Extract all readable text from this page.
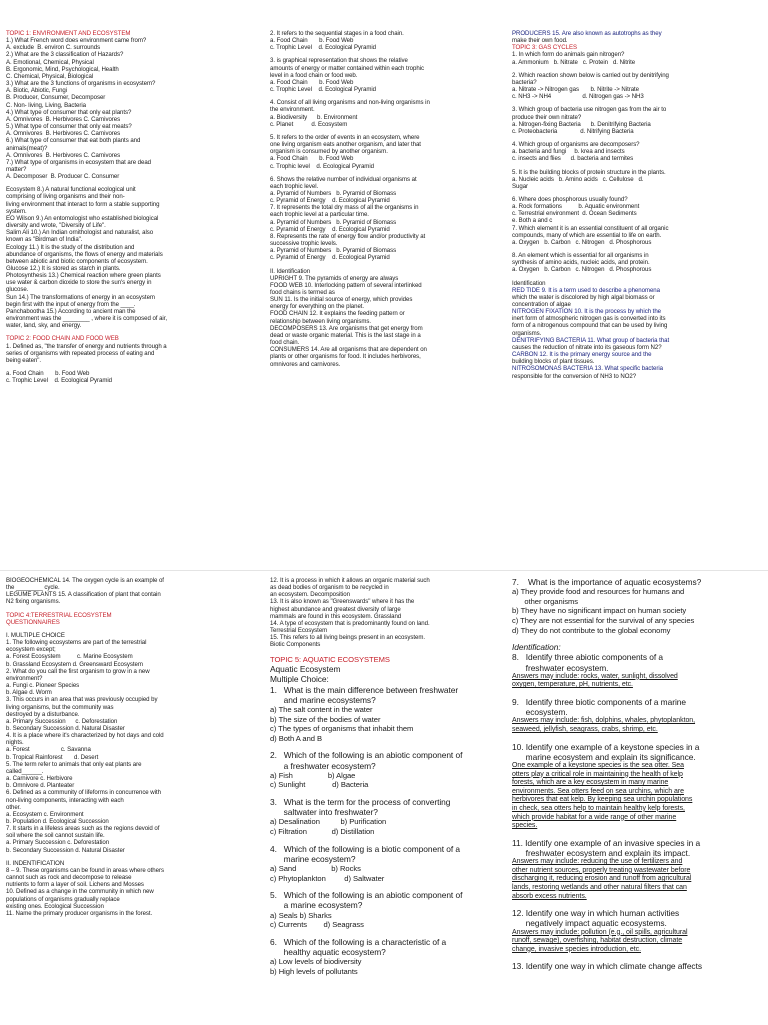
TOPIC 1: ENVIRONMENT AND ECOSYSTEM
1.) What French word does environment came from?
A. exclude  B. environ C. surrounds
2.) What are the 3 classification of Hazards?
A. Emotional, Chemical, Physical
B. Ergonomic, Mind, Psychological, Health
C. Chemical, Physical, Biological
3.) What are the 3 functions of organisms in ecosystem?
A. Biotic, Abiotic, Fungi
B. Producer, Consumer, Decomposer
C. Non- living, Living, Bacteria
4.) What type of consumer that only eat plants?
A. Omnivores  B. Herbivores C. Carnivores
5.) What type of consumer that only eat meats?
A. Omnivores  B. Herbivores C. Carnivores
6.) What type of consumer that eat both plants and
animals(meat)?
A. Omnivores  B. Herbivores C. Carnivores
7.) What type of organisms in ecosystem that are dead
matter?
A. Decomposer  B. Producer C. Consumer
Ecosystem 8.) A natural functional ecological unit
comprising of living organisms and their non-
living environment that interact to form a stable supporting
system.
EO Wilson 9.) An entomologist who established biological
diversity and wrote, "Diversity of Life".
Salim Ali 10.) An Indian ornithologist and naturalist, also
known as "Birdman of India".
Ecology 11.) It is the study of the distribution and
abundance of organisms, the flows of energy and materials
between abiotic and biotic components of ecosystem.
Glucose 12.) It is stored as starch in plants.
Photosynthesis 13.) Chemical reaction where green plants
use water & carbon dioxide to store the sun's energy in
glucose.
Sun 14.) The transformations of energy in an ecosystem
begin first with the input of energy from the ____.
Panchabootha 15.) According to ancient man the
environment was the ________ , where it is composed of air,
water, land, sky, and energy.
TOPIC 2: FOOD CHAIN AND FOOD WEB
1. Defined as, "the transfer of energy and nutrients through a
series of organisms with repeated process of eating and
being eaten".
a. Food Chain       b. Food Web
c. Trophic Level    d. Ecological Pyramid
2. It refers to the sequential stages in a food chain.
a. Food Chain       b. Food Web
c. Trophic Level    d. Ecological Pyramid
3. is graphical representation that shows the relative
amounts of energy or matter contained within each trophic
level in a food chain or food web.
a. Food Chain       b. Food Web
c. Trophic Level    d. Ecological Pyramid
4. Consist of all living organisms and non-living organisms in
the environment.
a. Biodiversity      b. Environment
c. Planet           d. Ecosystem
5. It refers to the order of events in an ecosystem, where
one living organism eats another organism, and later that
organism is consumed by another organism.
a. Food Chain       b. Food Web
c. Trophic level    d. Ecological Pyramid
6. Shows the relative number of individual organisms at
each trophic level.
a. Pyramid of Numbers   b. Pyramid of Biomass
c. Pyramid of Energy    d. Ecological Pyramid
7. It represents the total dry mass of all the organisms in
each trophic level at a particular time.
a. Pyramid of Numbers   b. Pyramid of Biomass
c. Pyramid of Energy    d. Ecological Pyramid
8. Represents the rate of energy flow and/or productivity at
successive trophic levels.
a. Pyramid of Numbers   b. Pyramid of Biomass
c. Pyramid of Energy    d. Ecological Pyramid
II. Identification
UPRIGHT 9. The pyramids of energy are always
FOOD WEB 10. Interlocking pattern of several interlinked
food chains is termed as
SUN 11. Is the initial source of energy, which provides
energy for everything on the planet.
FOOD CHAIN 12. It explains the feeding pattern or
relationship between living organisms.
DECOMPOSERS 13. Are organisms that get energy from
dead or waste organic material. This is the last stage in a
food chain.
CONSUMERS 14. Are all organisms that are dependent on
plants or other organisms for food. It includes herbivores,
omnivores and carnivores.
PRODUCERS 15. Are also known as autotrophs as they
make their own food.
TOPIC 3: GAS CYCLES
1. In which form do animals gain nitrogen?
a. Ammonium   b. Nitrate   c. Protein   d. Nitrite
2. Which reaction shown below is carried out by denitrifying
bacteria?
a. Nitrate -> Nitrogen gas       b. Nitrite -> Nitrate
c. NH3 -> NH4                   d. Nitrogen gas -> NH3
3. Which group of bacteria use nitrogen gas from the air to
produce their own nitrate?
a. Nitrogen-fixing Bacteria      b. Denitrifying Bacteria
c. Proteobacteria              d. Nitrifying Bacteria
4. Which group of organisms are decomposers?
a. bacteria and fungi     b. krea and insects
c. insects and flies      d. bacteria and termites
5. It is the building blocks of protein structure in the plants.
a. Nucleic acids   b. Amino acids   c. Cellulose   d.
Sugar
6. Where does phosphorous usually found?
a. Rock formations          b. Aquatic environment
c. Terrestrial environment  d. Ocean Sediments
e. Both a and c
7. Which element it is an essential constituent of all organic
compounds, many of which are essential to life on earth.
a. Oxygen   b. Carbon   c. Nitrogen   d. Phosphorous
8. An element which is essential for all organisms in
synthesis of amino acids, nucleic acids, and protein.
a. Oxygen   b. Carbon   c. Nitrogen   d. Phosphorous
Identification
RED TIDE 9. It is a term used to describe a phenomena
which the water is discolored by high algal biomass or
concentration of algae
NITROGEN FIXATION 10. It is the process by which the
inert form of atmospheric nitrogen gas is converted into its
form of a nitrogenous compound that can be used by living
organisms.
DENITRIFYING BACTERIA 11. What group of bacteria that
causes the reduction of nitrate into its gaseous form N2?
CARBON 12. It is the primary energy source and the
building blocks of plant tissues.
NITROSOMONAS BACTERIA 13. What specific bacteria
responsible for the conversion of NH3 to NO2?
BIOGEOCHEMICAL 14. The oxygen cycle is an example of
the ________ cycle.
LEGUME PLANTS 15. A classification of plant that contain
N2 fixing organisms.
TOPIC 4:TERRESTRIAL ECOSYSTEM
QUESTIONNAIRES
I. MULTIPLE CHOICE
1. The following ecosystems are part of the terrestrial
ecosystem except;
a. Forest Ecosystem          c. Marine Ecosystem
b. Grassland Ecosystem d. Greensward Ecosystem
2. What do you call the first organism to grow in a new
environment?
a. Fungi c. Pioneer Species
b. Algae d. Worm
3. This occurs in an area that was previously occupied by
living organisms, but the community was
destroyed by a disturbance.
a. Primary Succession      c. Deforestation
b. Secondary Succession d. Natural Disaster
4. It is a place where it's characterized by hot days and cold
nights.
a. Forest                   c. Savanna
b. Tropical Rainforest       d. Desert
5. The term refer to animals that only eat plants are
called______.
a. Carnivore c. Herbivore
b. Omnivore d. Planteater
6. Defined as a community of lifeforms in concurrence with
non-living components, interacting with each
other.
a. Ecosystem c. Environment
b. Population d. Ecological Succession
7. It starts in a lifeless areas such as the regions devoid of
soil where the soil cannot sustain life.
a. Primary Succession c. Deforestation
b. Secondary Succession d. Natural Disaster
II. INDENTIFICATION
8 – 9. These organisms can be found in areas where others
cannot such as rock and decompose to release
nutrients to form a layer of soil. Lichens and Mosses
10. Defined as a change in the community in which new
populations of organisms gradually replace
existing ones. Ecological Succession
11. Name the primary producer organisms in the forest.
12. It is a process in which it allows an organic material such
as dead bodies of organism to be recycled in
an ecosystem. Decomposition
13. It is also known as "Greenswards" where it has the
highest abundance and greatest diversity of large
mammals are found in this ecosystem. Grassland
14. A type of ecosystem that is predominantly found on land.
Terrestrial Ecosystem
15. This refers to all living beings present in an ecosystem.
Biotic Components
TOPIC 5: AQUATIC ECOSYSTEMS
Aquatic Ecosystem
Multiple Choice:
1.   What is the main difference between freshwater
and marine ecosystems?
a) The salt content in the water
b) The size of the bodies of water
c) The types of organisms that inhabit them
d) Both A and B
2.   Which of the following is an abiotic component of
a freshwater ecosystem?
a) Fish                 b) Algae
c) Sunlight             d) Bacteria
3.   What is the term for the process of converting
saltwater into freshwater?
a) Desalination          b) Purification
c) Filtration            d) Distillation
4.   Which of the following is a biotic component of a
marine ecosystem?
a) Sand                 b) Rocks
c) Phytoplankton         d) Saltwater
5.   Which of the following is an abiotic component of
a marine ecosystem?
a) Seals b) Sharks
c) Currents        d) Seagrass
6.   Which of the following is a characteristic of a
healthy aquatic ecosystem?
a) Low levels of biodiversity
b) High levels of pollutants
7.    What is the importance of aquatic ecosystems?
a) They provide food and resources for humans and
other organisms
b) They have no significant impact on human society
c) They are not essential for the survival of any species
d) They do not contribute to the global economy
Identification:
8.   Identify three abiotic components of a
freshwater ecosystem.
Answers may include: rocks, water, sunlight, dissolved
oxygen, temperature, pH, nutrients, etc.
9.   Identify three biotic components of a marine
ecosystem.
Answers may include: fish, dolphins, whales, phytoplankton,
seaweed, jellyfish, seagrass, crabs, shrimp, etc.
10. Identify one example of a keystone species in a
marine ecosystem and explain its significance.
One example of a keystone species is the sea otter. Sea
otters play a critical role in maintaining the health of kelp
forests, which are a key ecosystem in many marine
environments. Sea otters feed on sea urchins, which are
herbivores that eat kelp. By keeping sea urchin populations
in check, sea otters help to maintain healthy kelp forests,
which provide habitat for a wide range of other marine
species.
11. Identify one example of an invasive species in a
freshwater ecosystem and explain its impact.
Answers may include: reducing the use of fertilizers and
other nutrient sources, properly treating wastewater before
discharging it, reducing erosion and runoff from agricultural
lands, restoring wetlands and other natural filters that can
absorb excess nutrients.
12. Identify one way in which human activities
negatively impact aquatic ecosystems.
Answers may include: pollution (e.g., oil spills, agricultural
runoff, sewage), overfishing, habitat destruction, climate
change, invasive species introduction, etc.
13. Identify one way in which climate change affects
